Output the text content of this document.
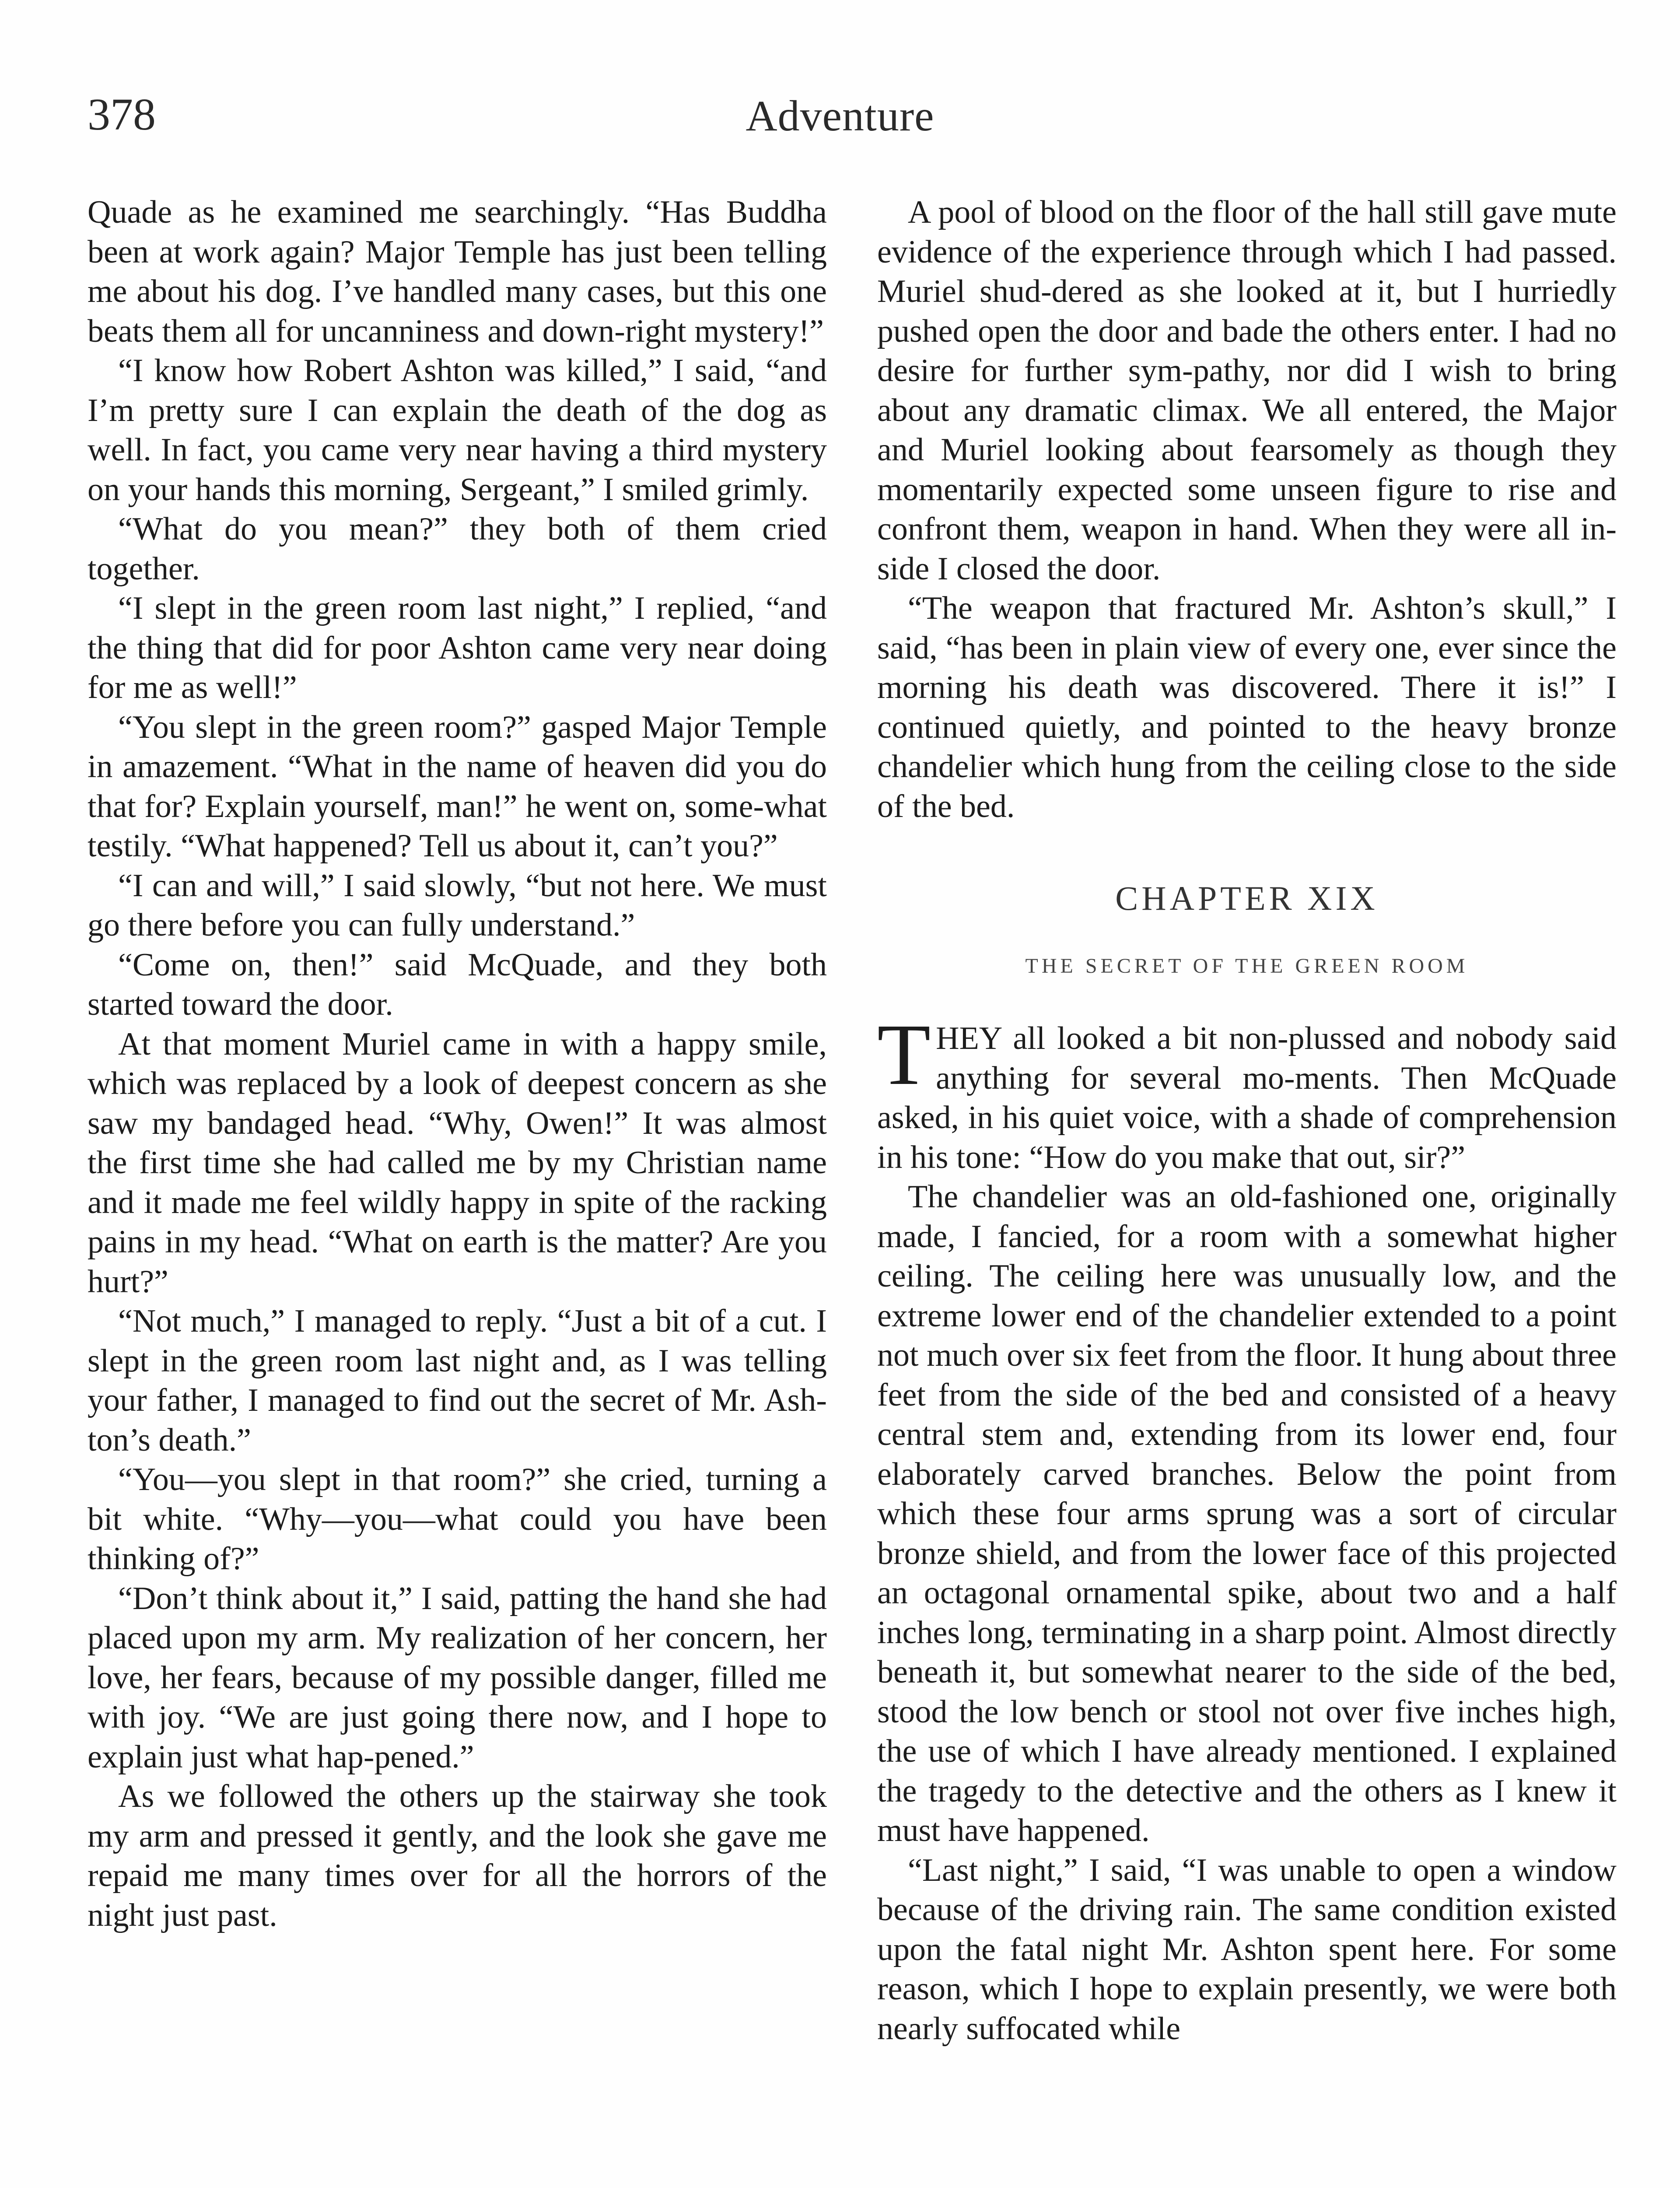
378	Adventure

Quade as he examined me searchingly. “Has Buddha been at work again? Major Temple has just been telling me about his dog. I’ve handled many cases, but this one beats them all for uncanniness and down-right mystery!”

“I know how Robert Ashton was killed,” I said, “and I’m pretty sure I can explain the death of the dog as well. In fact, you came very near having a third mystery on your hands this morning, Sergeant,” I smiled grimly.

“What do you mean?” they both of them cried together.

“I slept in the green room last night,” I replied, “and the thing that did for poor Ashton came very near doing for me as well!”

“You slept in the green room?” gasped Major Temple in amazement. “What in the name of heaven did you do that for? Explain yourself, man!” he went on, some-what testily. “What happened? Tell us about it, can’t you?”

“I can and will,” I said slowly, “but not here. We must go there before you can fully understand.”

“Come on, then!” said McQuade, and they both started toward the door.

At that moment Muriel came in with a happy smile, which was replaced by a look of deepest concern as she saw my bandaged head. “Why, Owen!” It was almost the first time she had called me by my Christian name and it made me feel wildly happy in spite of the racking pains in my head. “What on earth is the matter? Are you hurt?”

“Not much,” I managed to reply. “Just a bit of a cut. I slept in the green room last night and, as I was telling your father, I managed to find out the secret of Mr. Ash-ton’s death.”

“You—you slept in that room?” she cried, turning a bit white. “Why—you—what could you have been thinking of?”

“Don’t think about it,” I said, patting the hand she had placed upon my arm. My realization of her concern, her love, her fears, because of my possible danger, filled me with joy. “We are just going there now, and I hope to explain just what hap-pened.”

As we followed the others up the stairway she took my arm and pressed it gently, and the look she gave me repaid me many times over for all the horrors of the night just past.

A pool of blood on the floor of the hall still gave mute evidence of the experience through which I had passed. Muriel shud-dered as she looked at it, but I hurriedly pushed open the door and bade the others enter. I had no desire for further sym-pathy, nor did I wish to bring about any dramatic climax. We all entered, the Major and Muriel looking about fearsomely as though they momentarily expected some unseen figure to rise and confront them, weapon in hand. When they were all in-side I closed the door.

“The weapon that fractured Mr. Ashton’s skull,” I said, “has been in plain view of every one, ever since the morning his death was discovered. There it is!” I continued quietly, and pointed to the heavy bronze chandelier which hung from the ceiling close to the side of the bed.

CHAPTER XIX
THE SECRET OF THE GREEN ROOM

THEY all looked a bit non-plussed and nobody said anything for several mo-ments. Then McQuade asked, in his quiet voice, with a shade of comprehension in his tone: “How do you make that out, sir?”

The chandelier was an old-fashioned one, originally made, I fancied, for a room with a somewhat higher ceiling. The ceiling here was unusually low, and the extreme lower end of the chandelier extended to a point not much over six feet from the floor. It hung about three feet from the side of the bed and consisted of a heavy central stem and, extending from its lower end, four elaborately carved branches. Below the point from which these four arms sprung was a sort of circular bronze shield, and from the lower face of this projected an octagonal ornamental spike, about two and a half inches long, terminating in a sharp point. Almost directly beneath it, but somewhat nearer to the side of the bed, stood the low bench or stool not over five inches high, the use of which I have already mentioned. I explained the tragedy to the detective and the others as I knew it must have happened.

“Last night,” I said, “I was unable to open a window because of the driving rain. The same condition existed upon the fatal night Mr. Ashton spent here. For some reason, which I hope to explain presently, we were both nearly suffocated while
